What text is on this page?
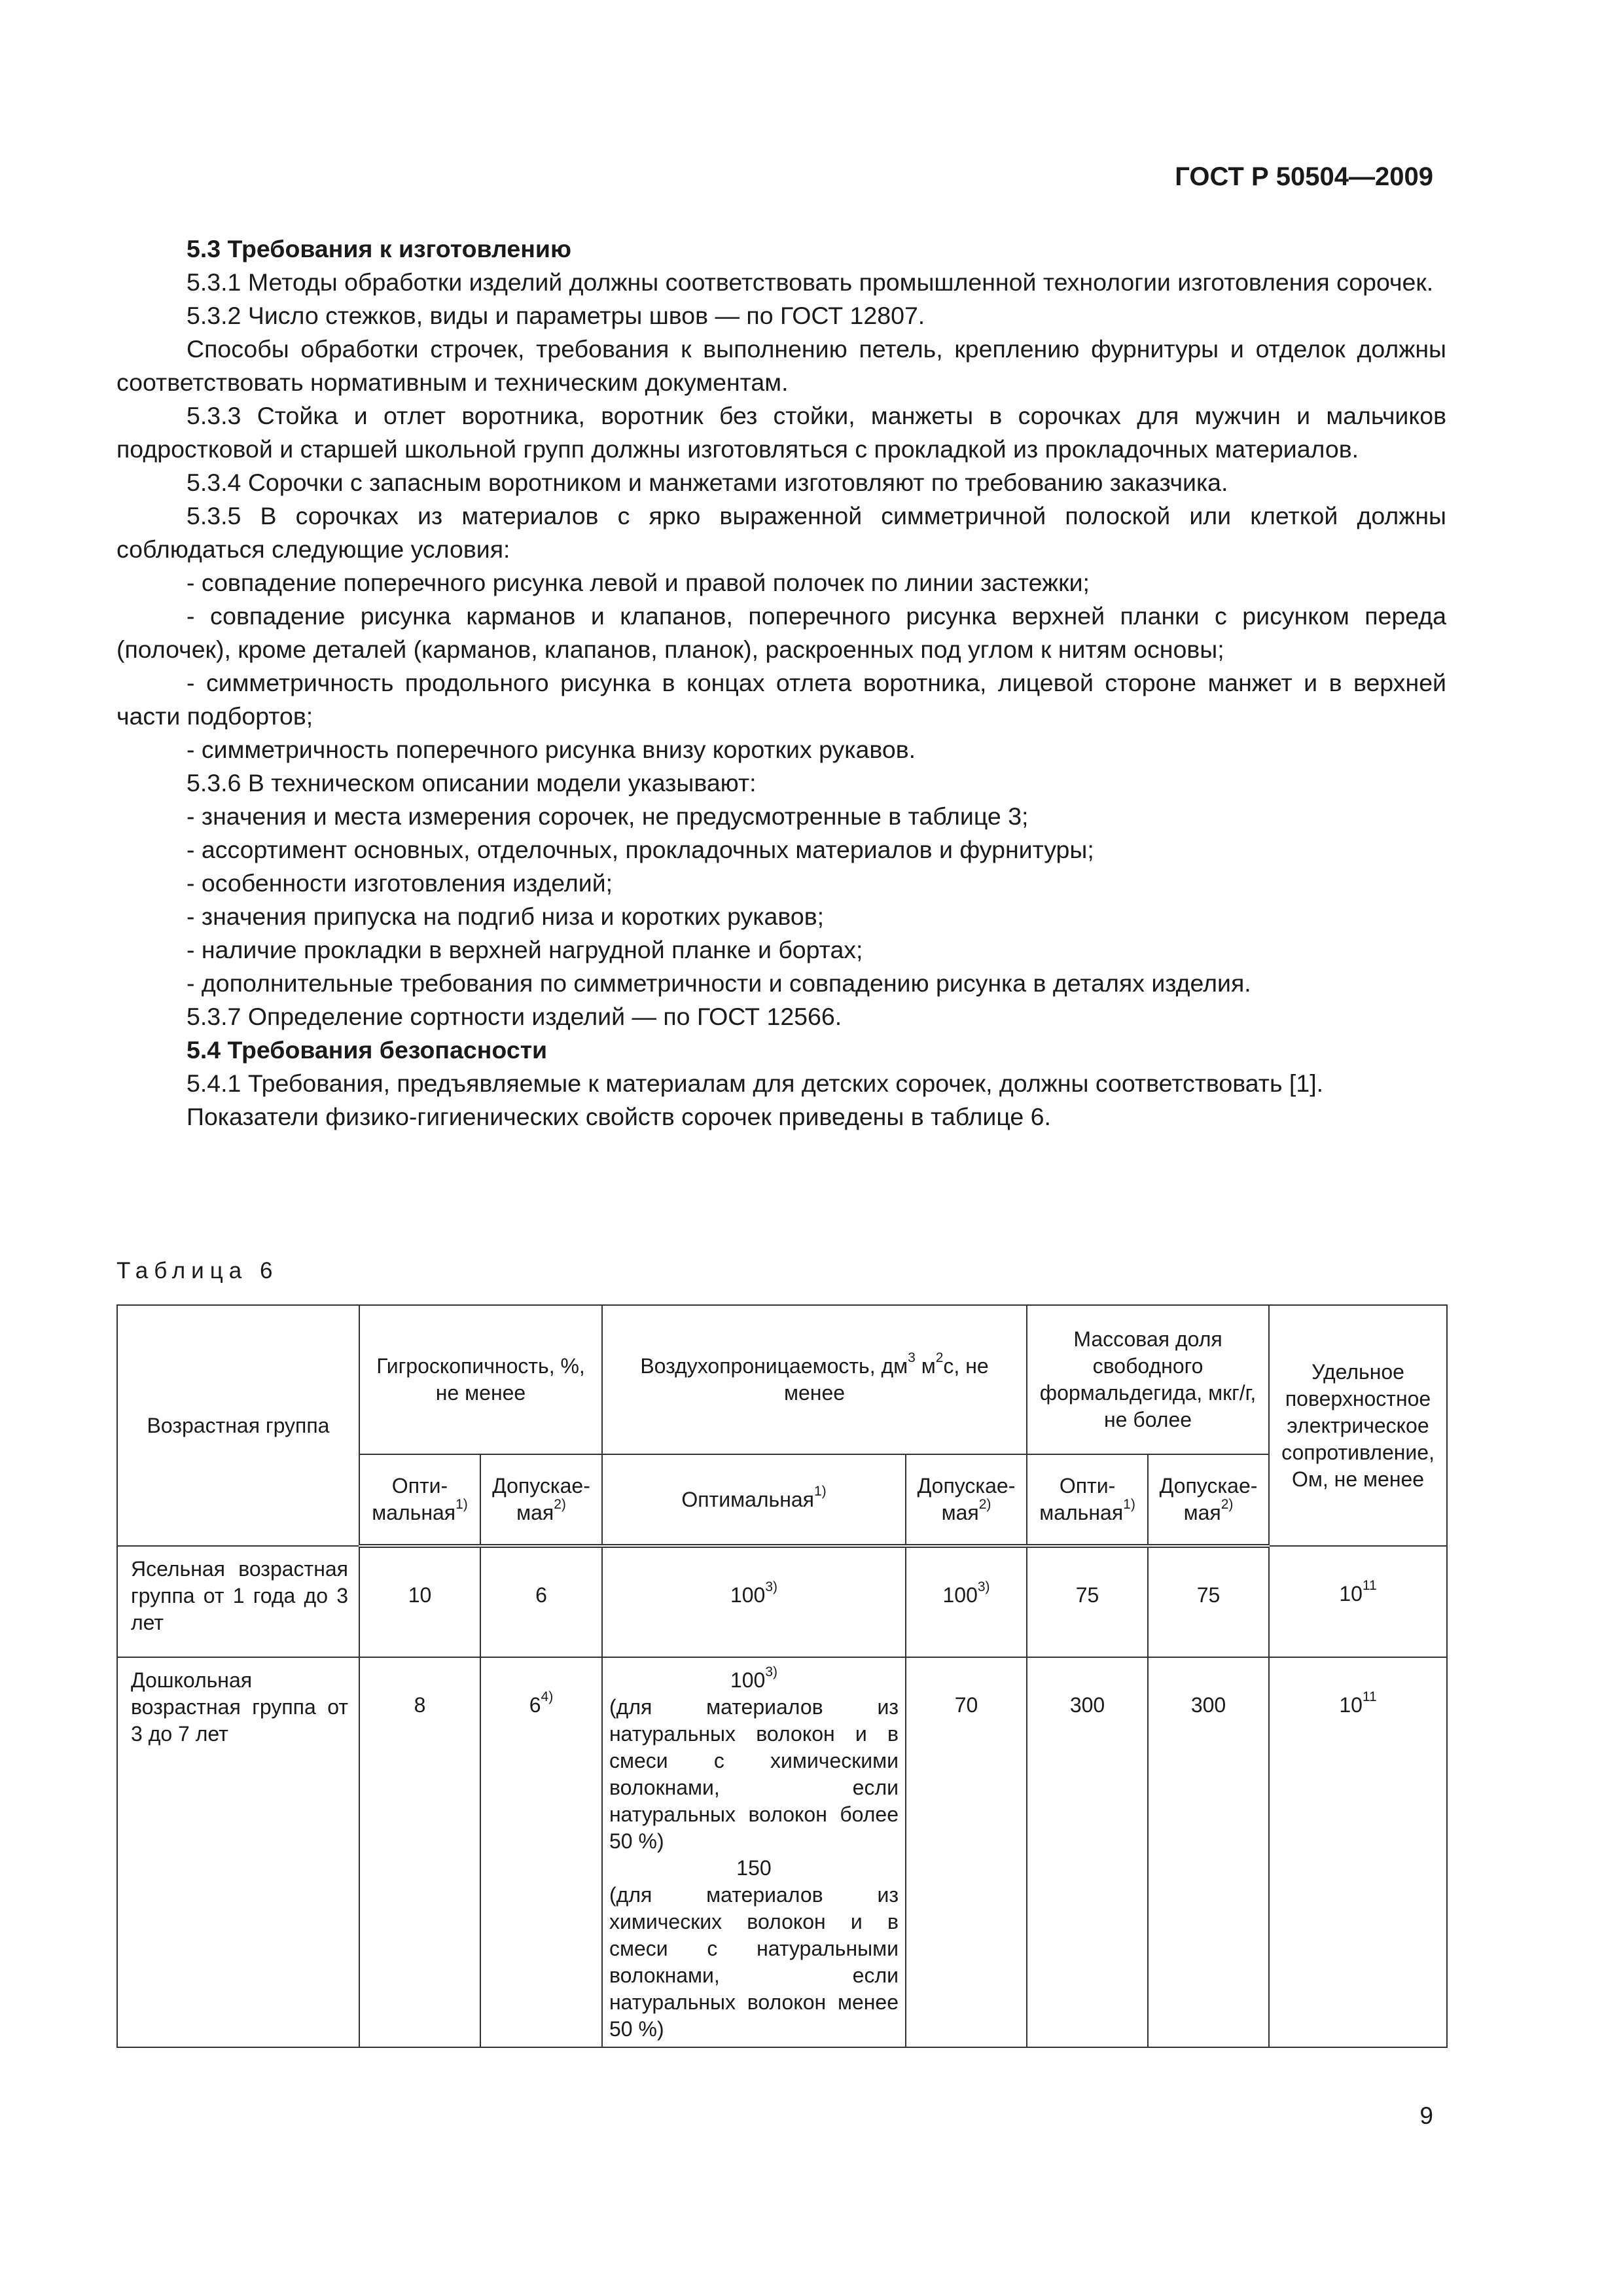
ГОСТ Р 50504—2009

5.3 Требования к изготовлению

5.3.1 Методы обработки изделий должны соответствовать промышленной технологии изготовления сорочек.

5.3.2 Число стежков, виды и параметры швов — по ГОСТ 12807.

Способы обработки строчек, требования к выполнению петель, креплению фурнитуры и отделок должны соответствовать нормативным и техническим документам.

5.3.3 Стойка и отлет воротника, воротник без стойки, манжеты в сорочках для мужчин и мальчиков подростковой и старшей школьной групп должны изготовляться с прокладкой из прокладочных материалов.

5.3.4 Сорочки с запасным воротником и манжетами изготовляют по требованию заказчика.

5.3.5 В сорочках из материалов с ярко выраженной симметричной полоской или клеткой должны соблюдаться следующие условия:

- совпадение поперечного рисунка левой и правой полочек по линии застежки;

- совпадение рисунка карманов и клапанов, поперечного рисунка верхней планки с рисунком переда (полочек), кроме деталей (карманов, клапанов, планок), раскроенных под углом к нитям основы;

- симметричность продольного рисунка в концах отлета воротника, лицевой стороне манжет и в верхней части подбортов;

- симметричность поперечного рисунка внизу коротких рукавов.

5.3.6 В техническом описании модели указывают:

- значения и места измерения сорочек, не предусмотренные в таблице 3;

- ассортимент основных, отделочных, прокладочных материалов и фурнитуры;

- особенности изготовления изделий;

- значения припуска на подгиб низа и коротких рукавов;

- наличие прокладки в верхней нагрудной планке и бортах;

- дополнительные требования по симметричности и совпадению рисунка в деталях изделия.

5.3.7 Определение сортности изделий — по ГОСТ 12566.

5.4 Требования безопасности

5.4.1 Требования, предъявляемые к материалам для детских сорочек, должны соответствовать [1].

Показатели физико-гигиенических свойств сорочек приведены в таблице 6.

Таблица 6
Возрастная группа	Гигроскопичность, %, не менее		Воздухопроницаемость, $дм^3$ $м^2с$, не менее		Массовая доля свободного формальдегида, мкг/г, не более		Удельное поверхностное электрическое сопротивление, Ом, не менее
	Опти-мальная$^{1)}$	Допускае-мая$^{2)}$	Оптимальная$^{1)}$	Допускае-мая$^{2)}$	Опти-мальная$^{1)}$	Допускае-мая$^{2)}$
Ясельная возрастная группа от 1 года до 3 лет	10	6	100$^{3)}$	100$^{3)}$	75	75	$10^{11}$
Дошкольная возрастная группа от 3 до 7 лет	8	6$^{4)}$	100$^{3)}$
(для материалов из натуральных волокон и в смеси с химическими волокнами, если натуральных волокон более 50 %)
150
(для материалов из химических волокон и в смеси с натуральными волокнами, если натуральных волокон менее 50 %)	70	300	300	$10^{11}$
9
